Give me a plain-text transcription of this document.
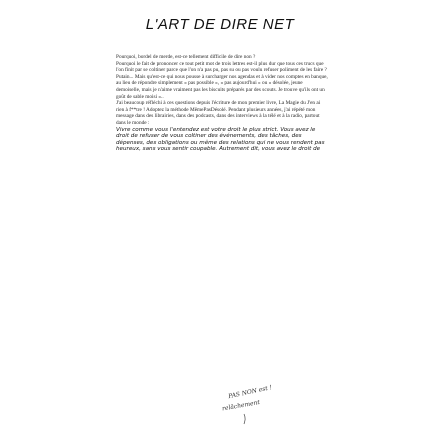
L'ART DE DIRE NET

Pourquoi, bordel de merde, est-ce tellement difficile de dire non ?

Pourquoi le fait de prononcer ce tout petit mot de trois lettres est-il plus dur que tous ces trucs que l'on finit par se coltiner parce que l'on n'a pas pu, pas su ou pas voulu refuser poliment de les faire ?

Putain... Mais qu'est-ce qui nous pousse à surcharger nos agendas et à vider nos comptes en banque, au lieu de répondre simplement « pas possible », « pas aujourd'hui » ou « désolée, jeune demoiselle, mais je n'aime vraiment pas les biscuits préparés par des scouts. Je trouve qu'ils ont un goût de sable moisi »..

J'ai beaucoup réfléchi à ces questions depuis l'écriture de mon premier livre, La Magie du J'en ai rien à f**tre ! Adoptez la méthode MêmePasDésolé. Pendant plusieurs années, j'ai répété mon message dans des librairies, dans des podcasts, dans des interviews à la télé et à la radio, partout dans le monde :

Vivre comme vous l'entendez est votre droit le plus strict. Vous avez le droit de refuser de vous coltiner des événements, des tâches, des dépenses, des obligations ou même des relations qui ne vous rendent pas heureux, sans vous sentir coupable. Autrement dit, vous avez le droit de

PAS NON est !
relâchement
